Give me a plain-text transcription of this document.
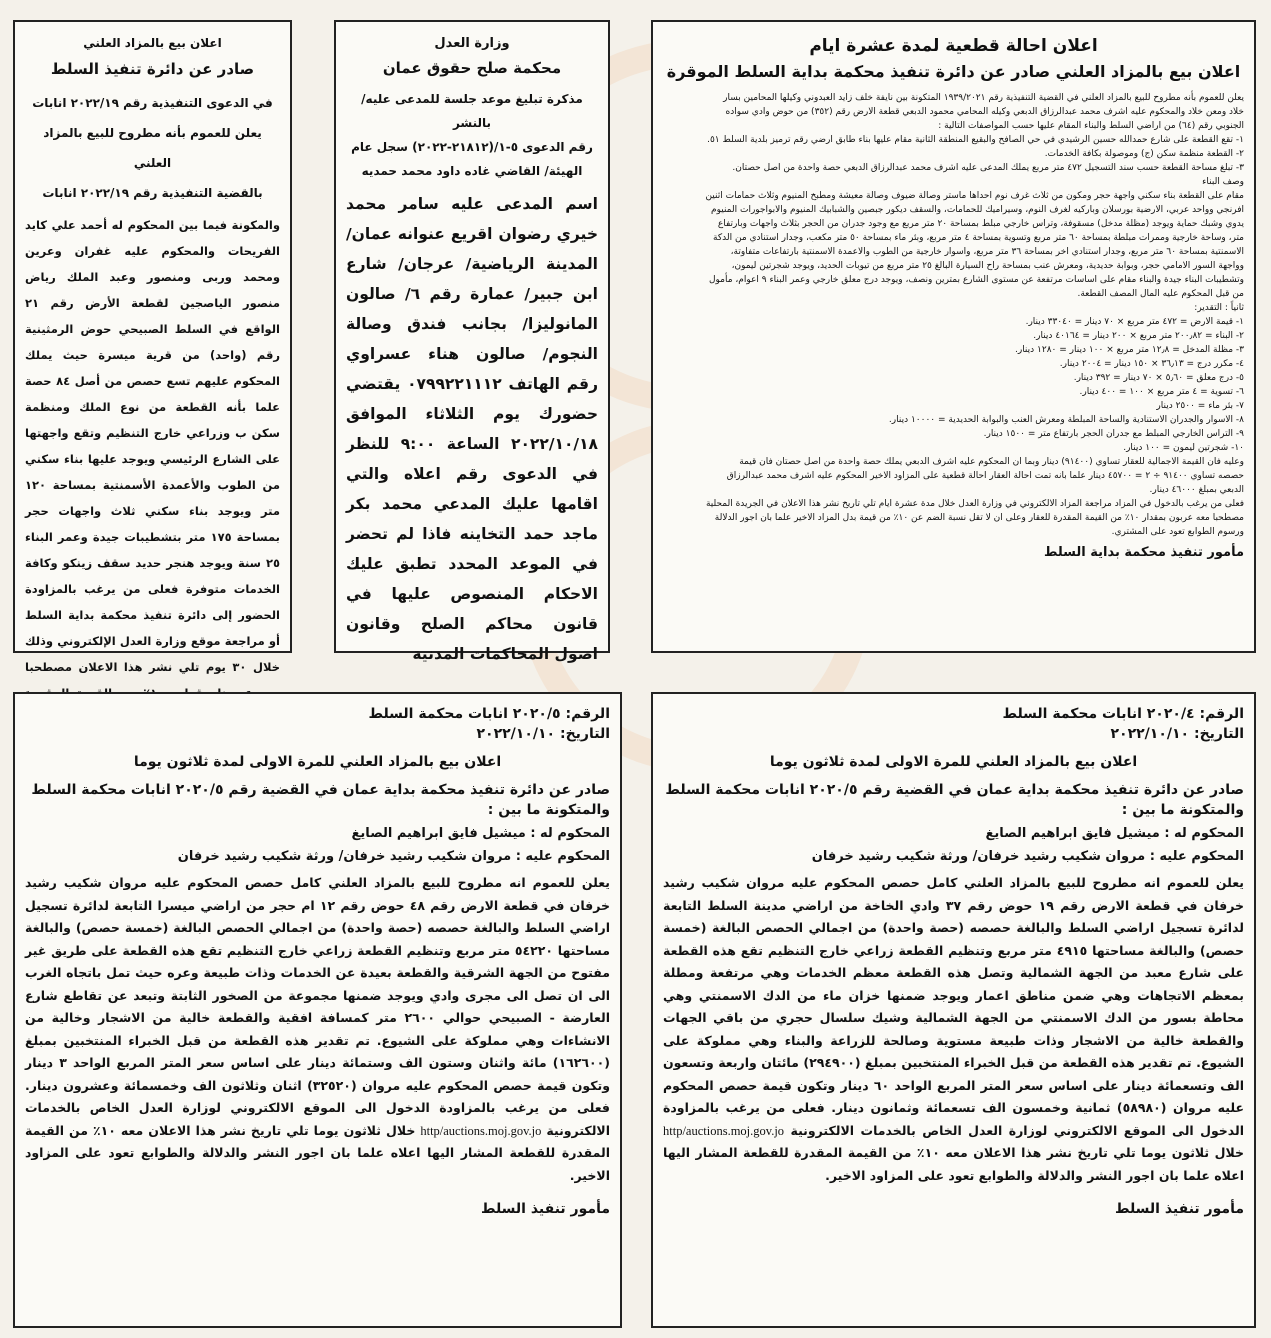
اعلان احالة قطعية لمدة عشرة ايام
اعلان بيع بالمزاد العلني صادر عن دائرة تنفيذ محكمة بداية السلط الموقرة
يعلن للعموم بأنه مطروح للبيع بالمزاد العلني في القضية التنفيذية رقم ١٩٣٩/٢٠٢١ المتكونة بين نايفة خلف زايد العبدوني وكيلها المحامين بسار
خلاد ومعن خلاد والمحكوم عليه اشرف محمد عبدالرزاق الدبعي وكيله المحامي محمود الدبعي قطعة الارض رقم (٣٥٢) من حوض وادي سواده
الجنوبي رقم (٦٤) من اراضي السلط والبناء المقام عليها حسب المواصفات التالية :
١- تقع القطعة على شارع حمدالله حسين الرشيدي في حي الصافح والبقيع المنطقة الثانية مقام عليها بناء طابق ارضي رقم ترميز بلدية السلط ٥١.
٢- القطعة منظمة سكن (ج) وموصولة بكافة الخدمات.
٣- تبلغ مساحة القطعة حسب سند التسجيل ٤٧٢ متر مربع يملك المدعى عليه اشرف محمد عبدالرزاق الدبعي حصة واحدة من اصل حصتان.
وصف البناء
مقام على القطعة بناء سكني واجهة حجر ومكون من ثلاث غرف نوم احداها ماستر وصالة ضيوف وصالة معيشة ومطبخ المنيوم وثلاث حمامات اثنين
افرنجي وواحد عربي، الارضية بورسلان وباركيه لغرف النوم، وسيراميك للحمامات، والسقف ديكور جبصين والشبابيك المنيوم والابواجورات المنيوم
يدوي وشبك حماية ويوجد (مظلة مدخل) مسقوفة، وتراس خارجي مبلط بمساحة ٢٠ متر مربع مع وجود جدران من الحجر بثلاث واجهات وبارتفاع
متر، وساحة خارجية وممرات مبلطة بمساحة ٦٠ متر مربع وتسوية بمساحة ٤ متر مربع، وبئر ماء بمساحة ٥٠ متر مكعب، وجدار استنادي من الدكة
الاسمنتية بمساحة ٦٠ متر مربع، وجدار استنادي اخر بمساحة ٣٦ متر مربع، واسوار خارجية من الطوب والاعمدة الاسمنتية بارتفاعات متفاوتة،
وواجهة السور الامامي حجر، وبوابة حديدية، ومعرش عنب بمساحة راح السيارة البالغ ٢٥ متر مربع من تيوبات الحديد، ويوجد شجرتين ليمون،
وتشطيبات البناء جيدة والبناء مقام على اساسات مرتفعة عن مستوى الشارع بمترين ونصف، ويوجد درج معلق خارجي وعمر البناء ٩ اعوام، مأمول
من قبل المحكوم عليه المال المصف القطعة.
ثانياً : التقدير:
١- قيمة الارض = ٤٧٢ متر مربع × ٧٠ دينار = ٣٣٠٤٠ دينار.
٢- البناء = ٢٠٠٫٨٢ متر مربع × ٢٠٠ دينار = ٤٠١٦٤ دينار.
٣- مظلة المدخل = ١٢٫٨ متر مربع × ١٠٠ دينار = ١٢٨٠ دينار.
٤- مكرر درج = ٣٦٫١٣ × ١٥٠ دينار = ٢٠٠٤ دينار.
٥- درج معلق = ٥٫٦٠ × ٧٠ دينار = ٣٩٢ دينار.
٦- تسوية = ٤ متر مربع × ١٠٠ = ٤٠٠ دينار.
٧- بئر ماء = ٢٥٠٠ دينار
٨- الاسوار والجدران الاستنادية والساحة المبلطة ومعرش العنب والبوابة الحديدية = ١٠٠٠٠ دينار.
٩- التراس الخارجي المبلط مع جدران الحجر بارتفاع متر = ١٥٠٠ دينار.
١٠- شجرتين ليمون = ١٠٠ دينار.
وعليه فان القيمة الاجمالية للعقار تساوي (٩١٤٠٠) دينار وبما ان المحكوم عليه اشرف الدبعي يملك حصة واحدة من اصل حصتان فان قيمة
حصصه تساوي ٩١٤٠٠ ÷ ٢ = ٤٥٧٠٠ دينار علما بانه تمت احالة العقار احالة قطعية على المزاود الاخير المحكوم عليه اشرف محمد عبدالرزاق
الدبعي بمبلغ ٤٦٠٠٠ دينار.
فعلى من يرغب بالدخول في المزاد مراجعة المزاد الالكتروني في وزارة العدل خلال مدة عشرة ايام تلي تاريخ نشر هذا الاعلان في الجريدة المحلية
مصطحبا معه عربون بمقدار ١٠٪ من القيمة المقدرة للعقار وعلى ان لا تقل نسبة الضم عن ١٠٪ من قيمة بدل المزاد الاخير علما بان اجور الدلالة
ورسوم الطوابع تعود على المشتري.
مأمور تنفيذ محكمة بداية السلط
وزارة العدل
محكمة صلح حقوق عمان
مذكرة تبليغ موعد جلسة للمدعى عليه/ بالنشر
رقم الدعوى ٥-١/(٢١٨١٢-٢٠٢٢) سجل عام
الهيئة/ القاضي غاده داود محمد حمديه
اسم المدعى عليه سامر محمد خيري رضوان اقريع عنوانه عمان/ المدينة الرياضية/ عرجان/ شارع ابن جبير/ عمارة رقم ٦/ صالون المانوليزا/ بجانب فندق وصالة النجوم/ صالون هناء عسراوي رقم الهاتف ٠٧٩٩٢٢١١١٢ يقتضي حضورك يوم الثلاثاء الموافق ٢٠٢٢/١٠/١٨ الساعة ٩:٠٠ للنظر في الدعوى رقم اعلاه والتي اقامها عليك المدعي محمد بكر ماجد حمد التخاينه فاذا لم تحضر في الموعد المحدد تطبق عليك الاحكام المنصوص عليها في قانون محاكم الصلح وقانون اصول المحاكمات المدنية
اعلان بيع بالمزاد العلني
صادر عن دائرة تنفيذ السلط
في الدعوى التنفيذية رقم ٢٠٢٢/١٩ انابات
يعلن للعموم بأنه مطروح للبيع بالمزاد العلني
بالقضية التنفيذية رقم ٢٠٢٢/١٩ انابات
والمكونة فيما بين المحكوم له أحمد علي كايد الفريحات والمحكوم عليه غفران وعرين ومحمد وربى ومنصور وعبد الملك رياض منصور الياصجين لقطعة الأرض رقم ٢١ الواقع في السلط الصبيحي حوض الرمثينية رقم (واحد) من قرية ميسرة حيث يملك المحكوم عليهم تسع حصص من أصل ٨٤ حصة علما بأنه القطعة من نوع الملك ومنظمة سكن ب وزراعي خارج التنظيم وتقع واجهتها على الشارع الرئيسي ويوجد عليها بناء سكني من الطوب والأعمدة الأسمنتية بمساحة ١٢٠ متر ويوجد بناء سكني ثلاث واجهات حجر بمساحة ١٧٥ متر بتشطيبات جيدة وعمر البناء ٢٥ سنة ويوجد هنجر حديد سقف زينكو وكافة الخدمات متوفرة فعلى من يرغب بالمزاودة الحضور إلى دائرة تنفيذ محكمة بداية السلط أو مراجعة موقع وزارة العدل الإلكتروني وذلك خلال ٣٠ يوم تلي نشر هذا الاعلان مصطحبا
الرقم: ٢٠٢٠/٤ انابات محكمة السلط
التاريخ: ٢٠٢٢/١٠/١٠
اعلان بيع بالمزاد العلني للمرة الاولى لمدة ثلاثون يوما
صادر عن دائرة تنفيذ محكمة بداية عمان في القضية رقم ٢٠٢٠/٥ انابات محكمة السلط
والمتكونة ما بين :
المحكوم له : ميشيل فايق ابراهيم الصايغ
المحكوم عليه : مروان شكيب رشيد خرفان/ ورثة شكيب رشيد خرفان
يعلن للعموم انه مطروح للبيع بالمزاد العلني كامل حصص المحكوم عليه مروان شكيب رشيد خرفان في قطعة الارض رقم ١٩ حوض رقم ٣٧ وادي الخاخة من اراضي مدينة السلط التابعة لدائرة تسجيل اراضي السلط والبالغة حصصه (حصة واحدة) من اجمالي الحصص البالغة (خمسة حصص) والبالغة مساحتها ٤٩١٥ متر مربع وتنظيم القطعة زراعي خارج التنظيم تقع هذه القطعة على شارع معبد من الجهة الشمالية وتصل هذه القطعة معظم الخدمات وهي مرتفعة ومطلة بمعظم الاتجاهات وهي ضمن مناطق اعمار ويوجد ضمنها خزان ماء من الدك الاسمنتي وهي محاطة بسور من الدك الاسمنتي من الجهة الشمالية وشيك سلسال حجري من باقي الجهات والقطعة خالية من الاشجار وذات طبيعة مستوية وصالحة للزراعة والبناء وهي مملوكة على الشيوع. تم تقدير هذه القطعة من قبل الخبراء المنتخبين بمبلغ (٢٩٤٩٠٠) مائتان واربعة وتسعون الف وتسعمائة دينار على اساس سعر المتر المربع الواحد ٦٠ دينار وتكون قيمة حصص المحكوم عليه مروان (٥٨٩٨٠) ثمانية وخمسون الف تسعمائة وثمانون دينار. فعلى من يرغب بالمزاودة الدخول الى الموقع الالكتروني لوزارة العدل الخاص بالخدمات الالكترونية http/auctions.moj.gov.jo خلال ثلاثون يوما تلي تاريخ نشر هذا الاعلان معه ١٠٪ من القيمة المقدرة للقطعة المشار اليها اعلاه علما بان اجور النشر والدلالة والطوابع تعود على المزاود الاخير.
مأمور تنفيذ السلط
الرقم: ٢٠٢٠/٥ انابات محكمة السلط
التاريخ: ٢٠٢٢/١٠/١٠
اعلان بيع بالمزاد العلني للمرة الاولى لمدة ثلاثون يوما
صادر عن دائرة تنفيذ محكمة بداية عمان في القضية رقم ٢٠٢٠/٥ انابات محكمة السلط
والمتكونة ما بين :
المحكوم له : ميشيل فايق ابراهيم الصايغ
المحكوم عليه : مروان شكيب رشيد خرفان/ ورثة شكيب رشيد خرفان
يعلن للعموم انه مطروح للبيع بالمزاد العلني كامل حصص المحكوم عليه مروان شكيب رشيد خرفان في قطعة الارض رقم ٤٨ حوض رقم ١٢ ام حجر من اراضي ميسرا التابعة لدائرة تسجيل اراضي السلط والبالغة حصصه (حصة واحدة) من اجمالي الحصص البالغة (خمسة حصص) والبالغة مساحتها ٥٤٢٢٠ متر مربع وتنظيم القطعة زراعي خارج التنظيم تقع هذه القطعة على طريق غير مفتوح من الجهة الشرقية والقطعة بعيدة عن الخدمات وذات طبيعة وعره حيث تمل باتجاه الغرب الى ان تصل الى مجرى وادي ويوجد ضمنها مجموعة من الصخور الثابتة وتبعد عن تقاطع شارع العارضة - الصبيحي حوالي ٢٦٠٠ متر كمسافة افقية والقطعة خالية من الاشجار وخالية من الانشاءات وهي مملوكة على الشيوع. تم تقدير هذه القطعة من قبل الخبراء المنتخبين بمبلغ (١٦٢٦٠٠) مائة واثنان وستون الف وستمائة دينار على اساس سعر المتر المربع الواحد ٣ دينار وتكون قيمة حصص المحكوم عليه مروان (٣٢٥٢٠) اثنان وثلاثون الف وخمسمائة وعشرون دينار. فعلى من يرغب بالمزاودة الدخول الى الموقع الالكتروني لوزارة العدل الخاص بالخدمات الالكترونية http/auctions.moj.gov.jo خلال ثلاثون يوما تلي تاريخ نشر هذا الاعلان معه ١٠٪ من القيمة المقدرة للقطعة المشار اليها اعلاه علما بان اجور النشر والدلالة والطوابع تعود على المزاود الاخير.
مأمور تنفيذ السلط
